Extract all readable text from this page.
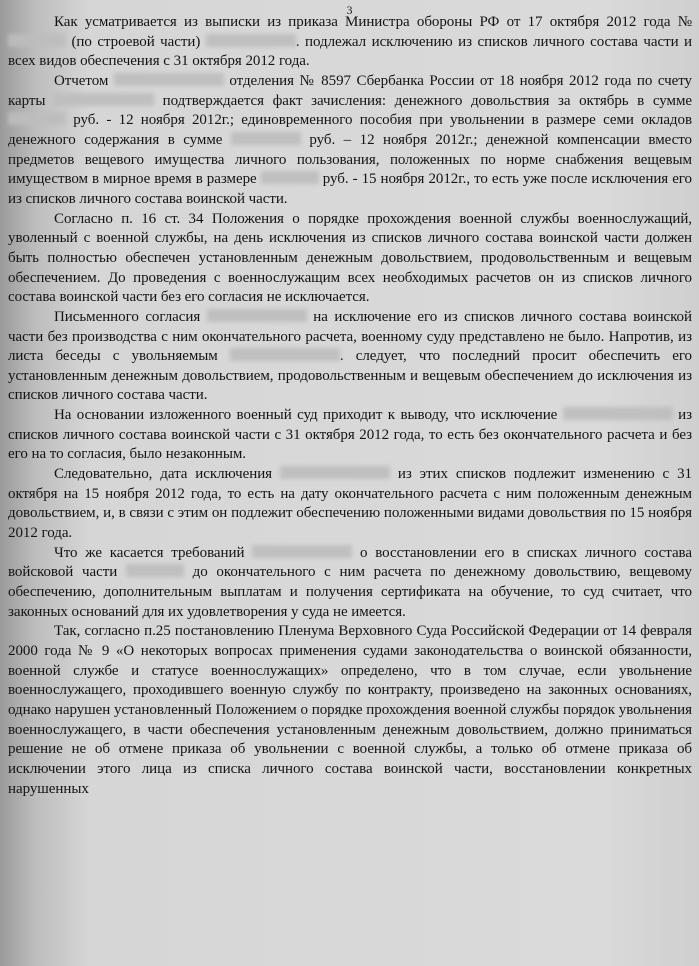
3

Как усматривается из выписки из приказа Министра обороны РФ от 17 октября 2012 года №  (по строевой части)	. подлежал исключению из списков личного состава части и всех видов обеспечения с 31 октября 2012 года.

Отчетом	отделения № 8597 Сбербанка России от 18 ноября 2012 года по счету карты	подтверждается факт зачисления: денежного довольствия за октябрь в сумме  руб. - 12 ноября 2012г.; единовременного пособия при увольнении в размере семи окладов денежного содержания в сумме	руб. – 12 ноября 2012г.; денежной компенсации вместо предметов вещевого имущества личного пользования, положенных по норме снабжения вещевым имуществом в мирное время в размере	руб. - 15 ноября 2012г., то есть уже после исключения его из списков личного состава воинской части.

Согласно п. 16 ст. 34 Положения о порядке прохождения военной службы военнослужащий, уволенный с военной службы, на день исключения из списков личного состава воинской части должен быть полностью обеспечен установленным денежным довольствием, продовольственным и вещевым обеспечением. До проведения с военнослужащим всех необходимых расчетов он из списков личного состава воинской части без его согласия не исключается.

Письменного согласия	на исключение его из списков личного состава воинской части без производства с ним окончательного расчета, военному суду представлено не было. Напротив, из листа беседы с увольняемым	. следует, что последний просит обеспечить его установленным денежным довольствием, продовольственным и вещевым обеспечением до исключения из списков личного состава части.

На основании изложенного военный суд приходит к выводу, что исключение	из списков личного состава воинской части с 31 октября 2012 года, то есть без окончательного расчета и без его на то согласия, было незаконным.

Следовательно, дата исключения	из этих списков подлежит изменению с 31 октября на 15 ноября 2012 года, то есть на дату окончательного расчета с ним положенным денежным довольствием, и, в связи с этим он подлежит обеспечению положенными видами довольствия по 15 ноября 2012 года.

Что же касается требований	о восстановлении его в списках личного состава войсковой части	до окончательного с ним расчета по денежному довольствию, вещевому обеспечению, дополнительным выплатам и получения сертификата на обучение, то суд считает, что законных оснований для их удовлетворения у суда не имеется.

Так, согласно п.25 постановлению Пленума Верховного Суда Российской Федерации от 14 февраля 2000 года № 9 «О некоторых вопросах применения судами законодательства о воинской обязанности, военной службе и статусе военнослужащих» определено, что в том случае, если увольнение военнослужащего, проходившего военную службу по контракту, произведено на законных основаниях, однако нарушен установленный Положением о порядке прохождения военной службы порядок увольнения военнослужащего, в части обеспечения установленным денежным довольствием, должно приниматься решение не об отмене приказа об увольнении с военной службы, а только об отмене приказа об исключении этого лица из списка личного состава воинской части, восстановлении конкретных нарушенных
